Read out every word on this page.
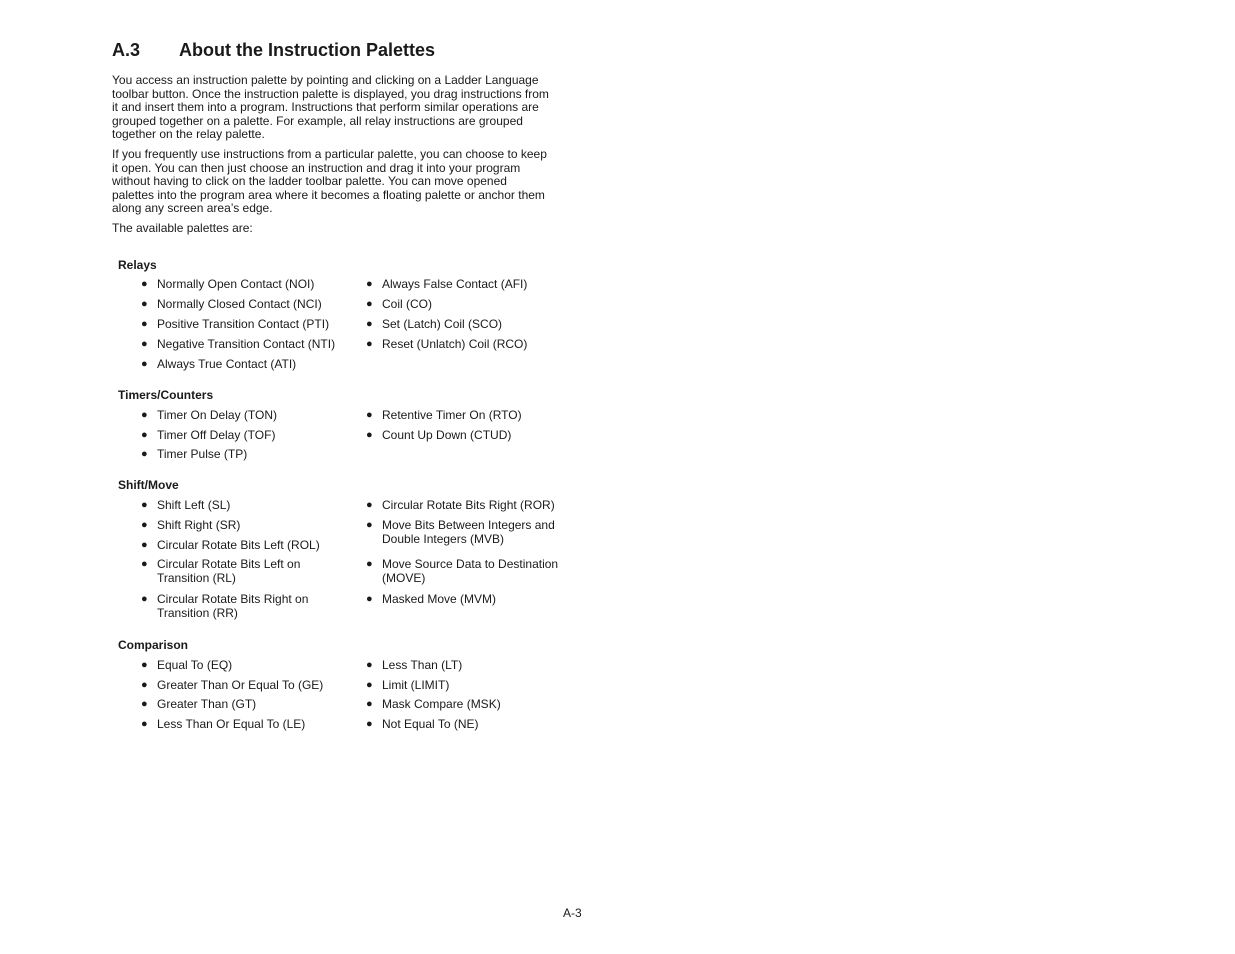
A.3 About the Instruction Palettes

You access an instruction palette by pointing and clicking on a Ladder Language toolbar button. Once the instruction palette is displayed, you drag instructions from it and insert them into a program. Instructions that perform similar operations are grouped together on a palette. For example, all relay instructions are grouped together on the relay palette.

If you frequently use instructions from a particular palette, you can choose to keep it open. You can then just choose an instruction and drag it into your program without having to click on the ladder toolbar palette. You can move opened palettes into the program area where it becomes a floating palette or anchor them along any screen area’s edge.

The available palettes are:

Relays
● Normally Open Contact (NOI)
● Normally Closed Contact (NCI)
● Positive Transition Contact (PTI)
● Negative Transition Contact (NTI)
● Always True Contact (ATI)
● Always False Contact (AFI)
● Coil (CO)
● Set (Latch) Coil (SCO)
● Reset (Unlatch) Coil (RCO)
Timers/Counters
● Timer On Delay (TON)
● Timer Off Delay (TOF)
● Timer Pulse (TP)
● Retentive Timer On (RTO)
● Count Up Down (CTUD)
Shift/Move
● Shift Left (SL)
● Shift Right (SR)
● Circular Rotate Bits Left (ROL)
● Circular Rotate Bits Left on Transition (RL)
● Circular Rotate Bits Right on Transition (RR)
● Circular Rotate Bits Right (ROR)
● Move Bits Between Integers and Double Integers (MVB)
● Move Source Data to Destination (MOVE)
● Masked Move (MVM)
Comparison
● Equal To (EQ)
● Greater Than Or Equal To (GE)
● Greater Than (GT)
● Less Than Or Equal To (LE)
● Less Than (LT)
● Limit (LIMIT)
● Mask Compare (MSK)
● Not Equal To (NE)
A-3
